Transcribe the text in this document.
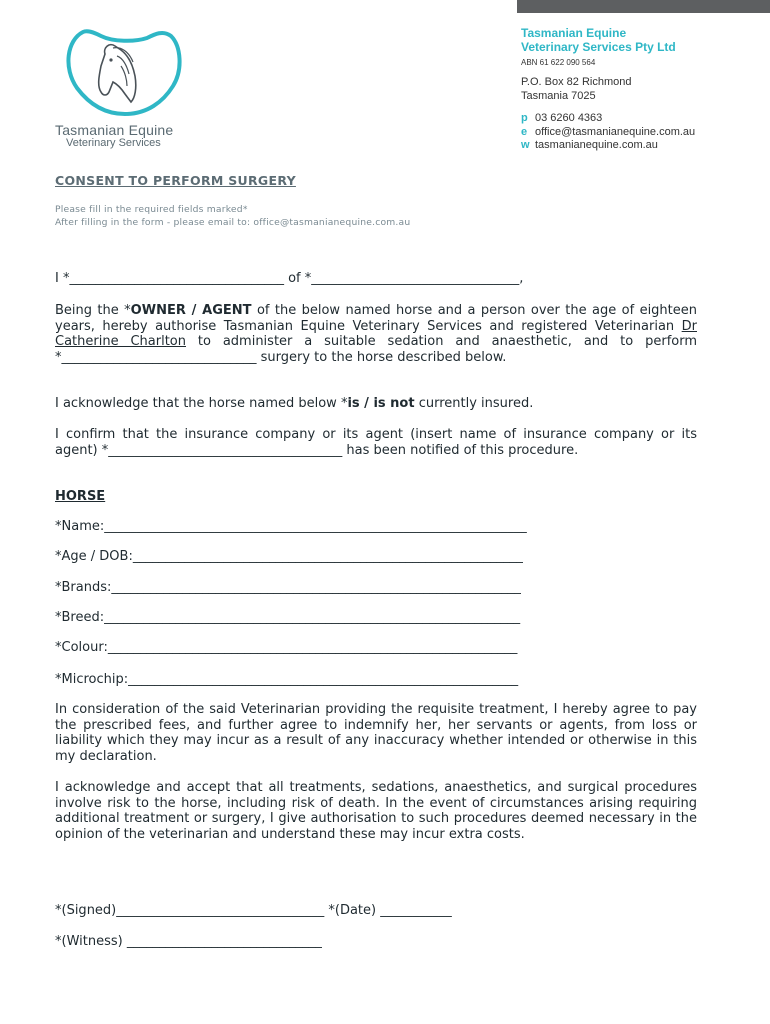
Tasmanian Equine
Veterinary Services
Tasmanian Equine
Veterinary Services Pty Ltd
ABN 61 622 090 564
P.O. Box 82 Richmond
Tasmania 7025
p 03 6260 4363
e office@tasmanianequine.com.au
w tasmanianequine.com.au
CONSENT TO PERFORM SURGERY
Please fill in the required fields marked*
After filling in the form - please email to: office@tasmanianequine.com.au
I *_________________________________ of *________________________________,
Being the *OWNER / AGENT of the below named horse and a person over the age of eighteen years, hereby authorise Tasmanian Equine Veterinary Services and registered Veterinarian Dr Catherine Charlton to administer a suitable sedation and anaesthetic, and to perform *______________________________ surgery to the horse described below.
I acknowledge that the horse named below *is / is not currently insured.
I confirm that the insurance company or its agent (insert name of insurance company or its agent) *____________________________________ has been notified of this procedure.
HORSE
*Name:_________________________________________________________________
*Age / DOB:____________________________________________________________
*Brands:_______________________________________________________________
*Breed:________________________________________________________________
*Colour:_______________________________________________________________
*Microchip:____________________________________________________________
In consideration of the said Veterinarian providing the requisite treatment, I hereby agree to pay the prescribed fees, and further agree to indemnify her, her servants or agents, from loss or liability which they may incur as a result of any inaccuracy whether intended or otherwise in this my declaration.
I acknowledge and accept that all treatments, sedations, anaesthetics, and surgical procedures involve risk to the horse, including risk of death. In the event of circumstances arising requiring additional treatment or surgery, I give authorisation to such procedures deemed necessary in the opinion of the veterinarian and understand these may incur extra costs.
*(Signed)________________________________ *(Date) ___________
*(Witness) ______________________________
